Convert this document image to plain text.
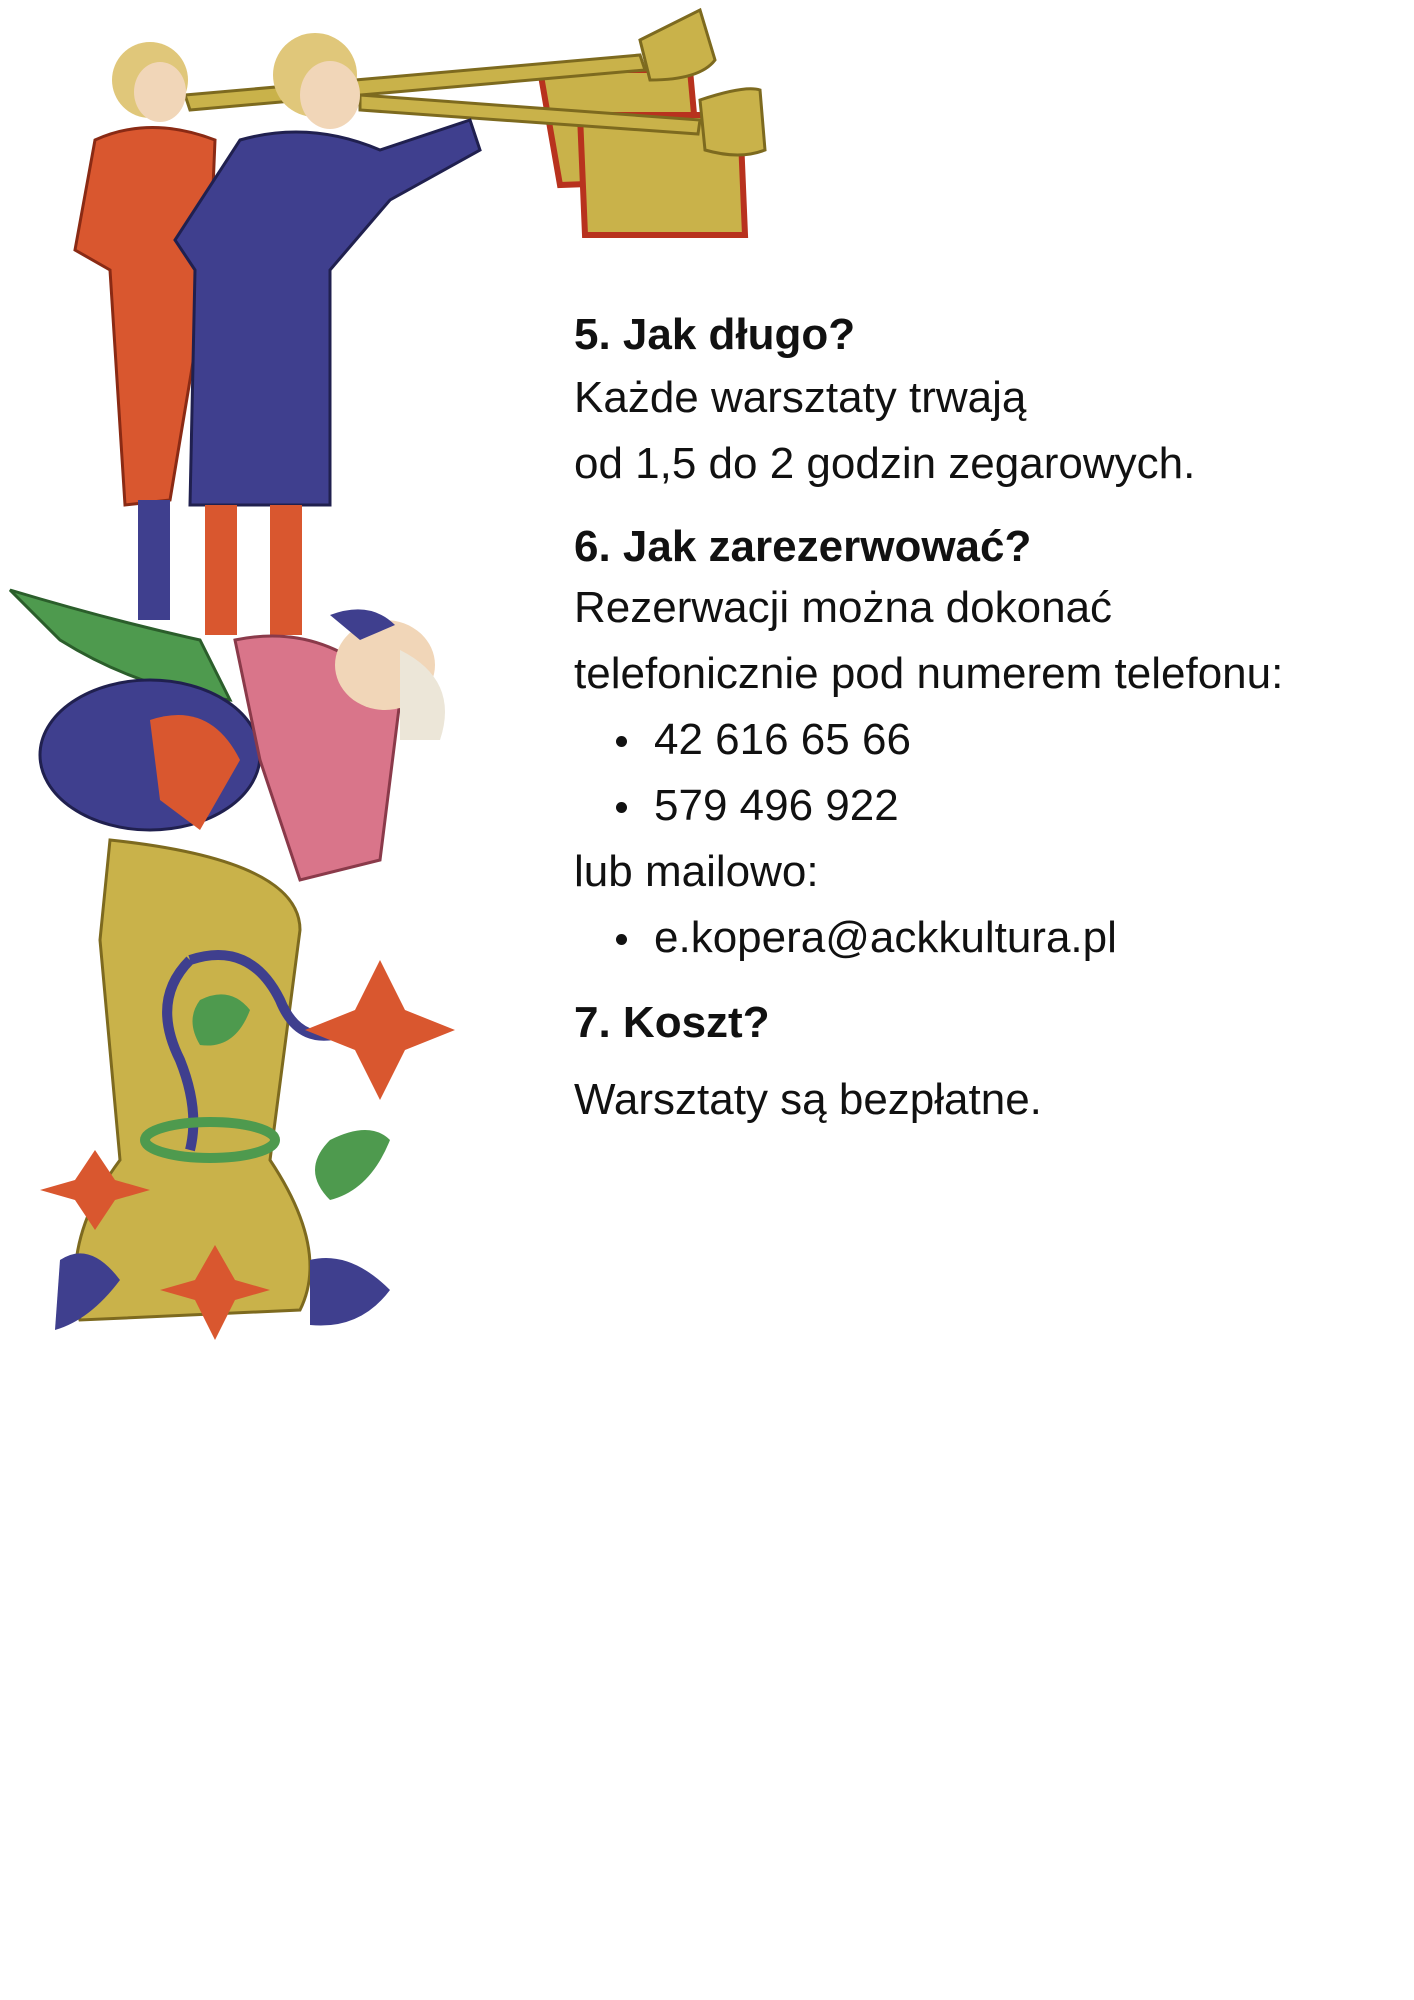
5. Jak długo?

Każde warsztaty trwają

od 1,5 do 2 godzin zegarowych.

6. Jak zarezerwować?

Rezerwacji można dokonać

telefonicznie pod numerem telefonu:

42 616 65 66
579 496 922

lub mailowo:

e.kopera@ackkultura.pl

7. Koszt?

Warsztaty są bezpłatne.
